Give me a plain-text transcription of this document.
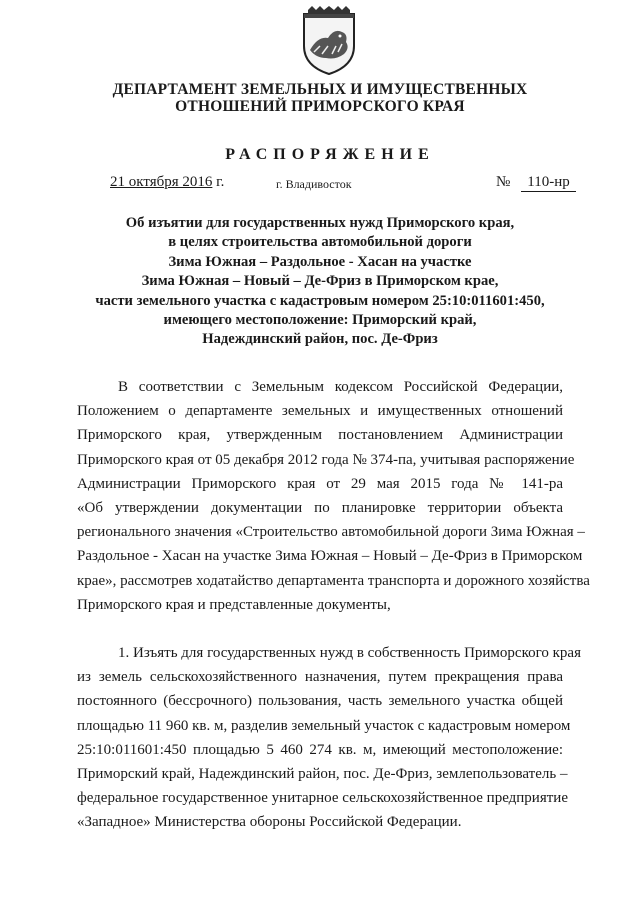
ДЕПАРТАМЕНТ ЗЕМЕЛЬНЫХ И ИМУЩЕСТВЕННЫХ
ОТНОШЕНИЙ ПРИМОРСКОГО КРАЯ
РАСПОРЯЖЕНИЕ
21 октября 2016 г.	г. Владивосток	№	110-нр
Об изъятии для государственных нужд Приморского края,
в целях строительства автомобильной дороги
Зима Южная – Раздольное - Хасан на участке
Зима Южная – Новый – Де-Фриз в Приморском крае,
части земельного участка с кадастровым номером 25:10:011601:450,
имеющего местоположение: Приморский край,
Надеждинский район, пос. Де-Фриз
В соответствии с Земельным кодексом Российской Федерации,
Положением о департаменте земельных и имущественных отношений
Приморского края, утвержденным постановлением Администрации
Приморского края от 05 декабря 2012 года № 374-па, учитывая распоряжение
Администрации Приморского края от 29 мая 2015 года № 141-ра
«Об утверждении документации по планировке территории объекта
регионального значения «Строительство автомобильной дороги Зима Южная –
Раздольное - Хасан на участке Зима Южная – Новый – Де-Фриз в Приморском
крае», рассмотрев ходатайство департамента транспорта и дорожного хозяйства
Приморского края и представленные документы,
1. Изъять для государственных нужд в собственность Приморского края
из земель сельскохозяйственного назначения, путем прекращения права
постоянного (бессрочного) пользования, часть земельного участка общей
площадью 11 960 кв. м, разделив земельный участок с кадастровым номером
25:10:011601:450 площадью 5 460 274 кв. м, имеющий местоположение:
Приморский край, Надеждинский район, пос. Де-Фриз, землепользователь –
федеральное государственное унитарное сельскохозяйственное предприятие
«Западное» Министерства обороны Российской Федерации.
